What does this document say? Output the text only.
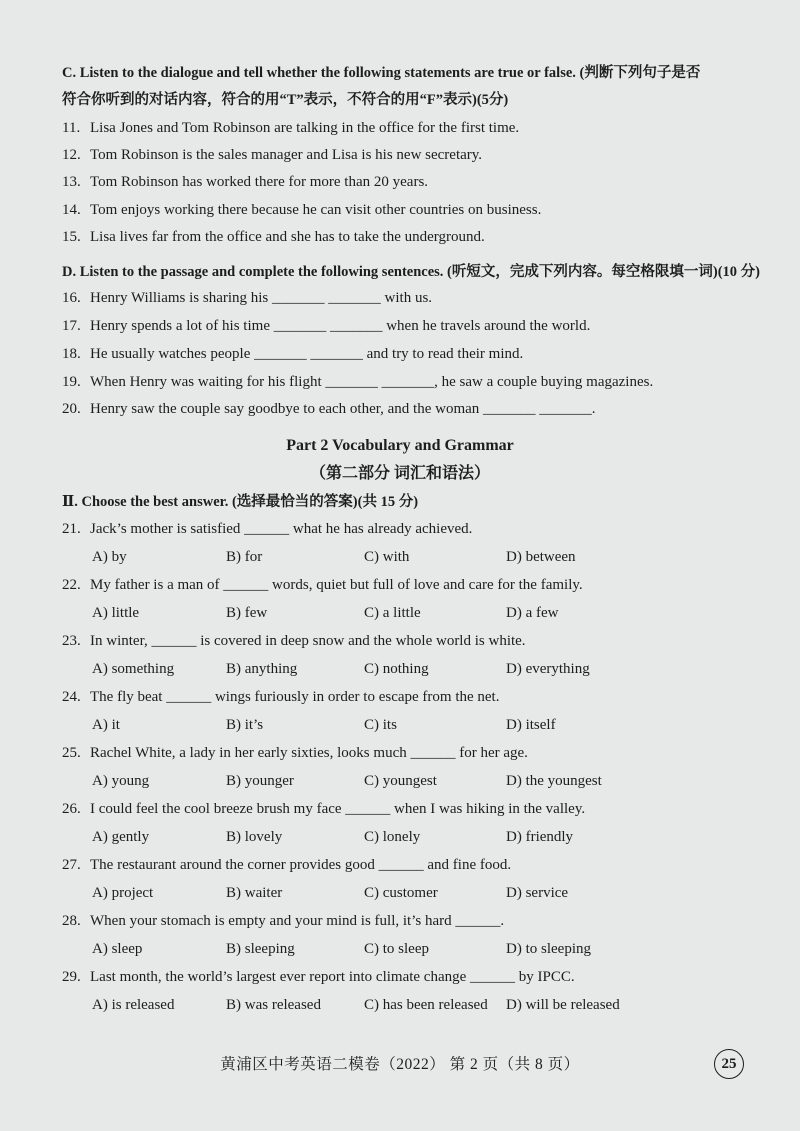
C. Listen to the dialogue and tell whether the following statements are true or false. (判断下列句子是否
符合你听到的对话内容，符合的用“T”表示，不符合的用“F”表示)(5分)
11. Lisa Jones and Tom Robinson are talking in the office for the first time.
12. Tom Robinson is the sales manager and Lisa is his new secretary.
13. Tom Robinson has worked there for more than 20 years.
14. Tom enjoys working there because he can visit other countries on business.
15. Lisa lives far from the office and she has to take the underground.
D. Listen to the passage and complete the following sentences. (听短文，完成下列内容。每空格限填一词)(10 分)
16. Henry Williams is sharing his _______ _______ with us.
17. Henry spends a lot of his time _______ _______ when he travels around the world.
18. He usually watches people _______ _______ and try to read their mind.
19. When Henry was waiting for his flight _______ _______, he saw a couple buying magazines.
20. Henry saw the couple say goodbye to each other, and the woman _______ _______.
Part 2 Vocabulary and Grammar
（第二部分 词汇和语法）
Ⅱ. Choose the best answer. (选择最恰当的答案)(共 15 分)
21. Jack’s mother is satisfied ______ what he has already achieved.
A) by	B) for	C) with	D) between
22. My father is a man of ______ words, quiet but full of love and care for the family.
A) little	B) few	C) a little	D) a few
23. In winter, ______ is covered in deep snow and the whole world is white.
A) something	B) anything	C) nothing	D) everything
24. The fly beat ______ wings furiously in order to escape from the net.
A) it	B) it’s	C) its	D) itself
25. Rachel White, a lady in her early sixties, looks much ______ for her age.
A) young	B) younger	C) youngest	D) the youngest
26. I could feel the cool breeze brush my face ______ when I was hiking in the valley.
A) gently	B) lovely	C) lonely	D) friendly
27. The restaurant around the corner provides good ______ and fine food.
A) project	B) waiter	C) customer	D) service
28. When your stomach is empty and your mind is full, it’s hard ______.
A) sleep	B) sleeping	C) to sleep	D) to sleeping
29. Last month, the world’s largest ever report into climate change ______ by IPCC.
A) is released	B) was released	C) has been released D) will be released
黄浦区中考英语二模卷（2022） 第 2 页（共 8 页）	25
